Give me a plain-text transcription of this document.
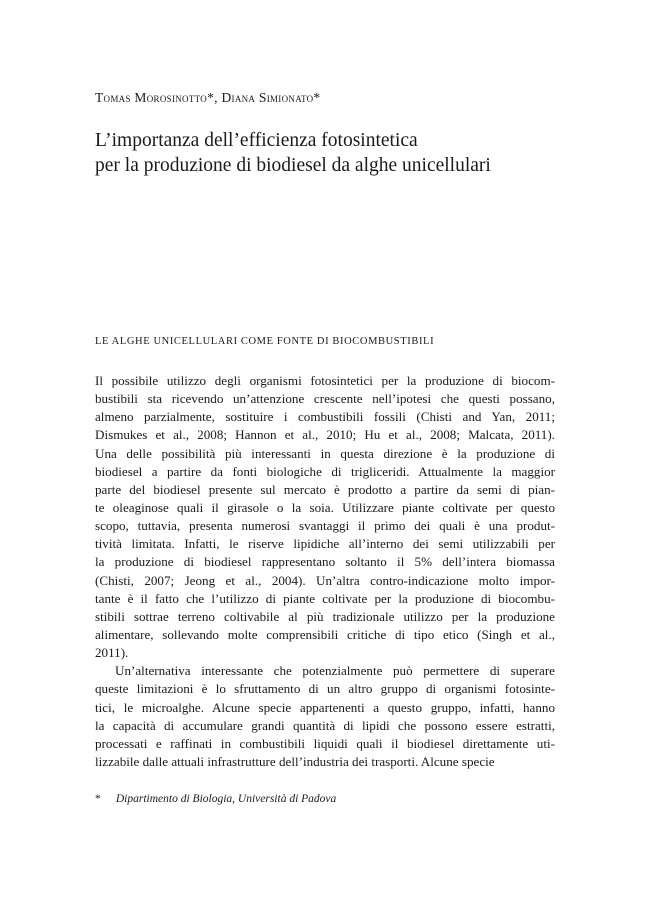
Tomas Morosinotto*, Diana Simionato*
L’importanza dell’efficienza fotosintetica
per la produzione di biodiesel da alghe unicellulari
LE ALGHE UNICELLULARI COME FONTE DI BIOCOMBUSTIBILI
Il possibile utilizzo degli organismi fotosintetici per la produzione di biocom-
bustibili sta ricevendo un’attenzione crescente nell’ipotesi che questi possano,
almeno parzialmente, sostituire i combustibili fossili (Chisti and Yan, 2011;
Dismukes et al., 2008; Hannon et al., 2010; Hu et al., 2008; Malcata, 2011).
Una delle possibilità più interessanti in questa direzione è la produzione di
biodiesel a partire da fonti biologiche di trigliceridi. Attualmente la maggior
parte del biodiesel presente sul mercato è prodotto a partire da semi di pian-
te oleaginose quali il girasole o la soia. Utilizzare piante coltivate per questo
scopo, tuttavia, presenta numerosi svantaggi il primo dei quali è una produt-
tività limitata. Infatti, le riserve lipidiche all’interno dei semi utilizzabili per
la produzione di biodiesel rappresentano soltanto il 5% dell’intera biomassa
(Chisti, 2007; Jeong et al., 2004). Un’altra contro-indicazione molto impor-
tante è il fatto che l’utilizzo di piante coltivate per la produzione di biocombu-
stibili sottrae terreno coltivabile al più tradizionale utilizzo per la produzione
alimentare, sollevando molte comprensibili critiche di tipo etico (Singh et al.,
2011).
Un’alternativa interessante che potenzialmente può permettere di superare
queste limitazioni è lo sfruttamento di un altro gruppo di organismi fotosinte-
tici, le microalghe. Alcune specie appartenenti a questo gruppo, infatti, hanno
la capacità di accumulare grandi quantità di lipidi che possono essere estratti,
processati e raffinati in combustibili liquidi quali il biodiesel direttamente uti-
lizzabile dalle attuali infrastrutture dell’industria dei trasporti. Alcune specie
* Dipartimento di Biologia, Università di Padova
